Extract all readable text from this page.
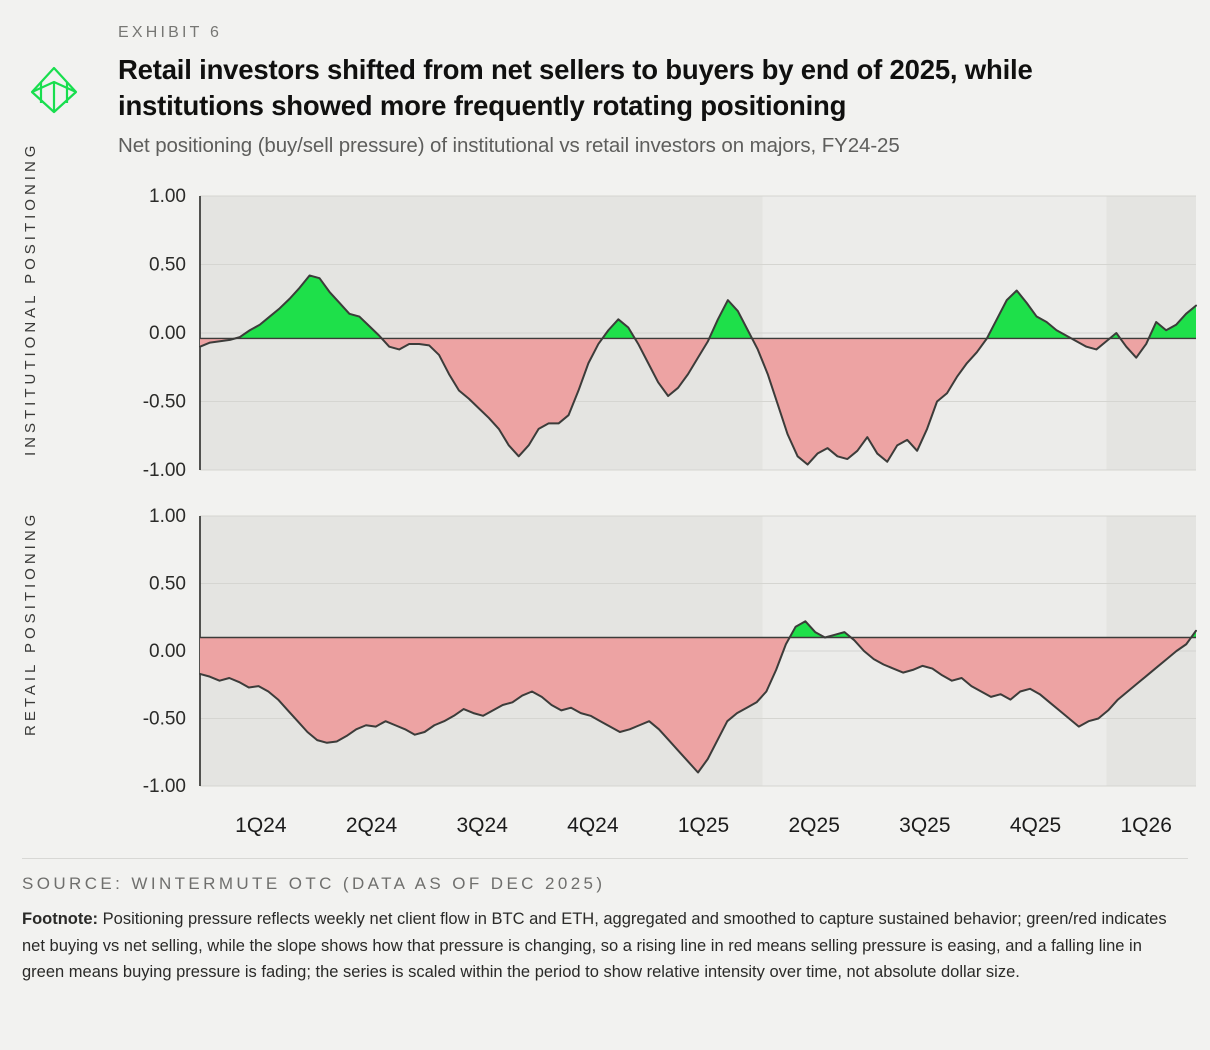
EXHIBIT 6
Retail investors shifted from net sellers to buyers by end of 2025, while institutions showed more frequently rotating positioning
Net positioning (buy/sell pressure) of institutional vs retail investors on majors, FY24-25
INSTITUTIONAL POSITIONING	1.00
0.50
0.00
-0.50
-1.00
RETAIL POSITIONING	1.00
0.50
0.00
-0.50
-1.00
1Q24	2Q24	3Q24	4Q24	1Q25	2Q25	3Q25	4Q25	1Q26
SOURCE: WINTERMUTE OTC (DATA AS OF DEC 2025)
Footnote: Positioning pressure reflects weekly net client flow in BTC and ETH, aggregated and smoothed to capture sustained behavior; green/red indicates net buying vs net selling, while the slope shows how that pressure is changing, so a rising line in red means selling pressure is easing, and a falling line in green means buying pressure is fading; the series is scaled within the period to show relative intensity over time, not absolute dollar size.
